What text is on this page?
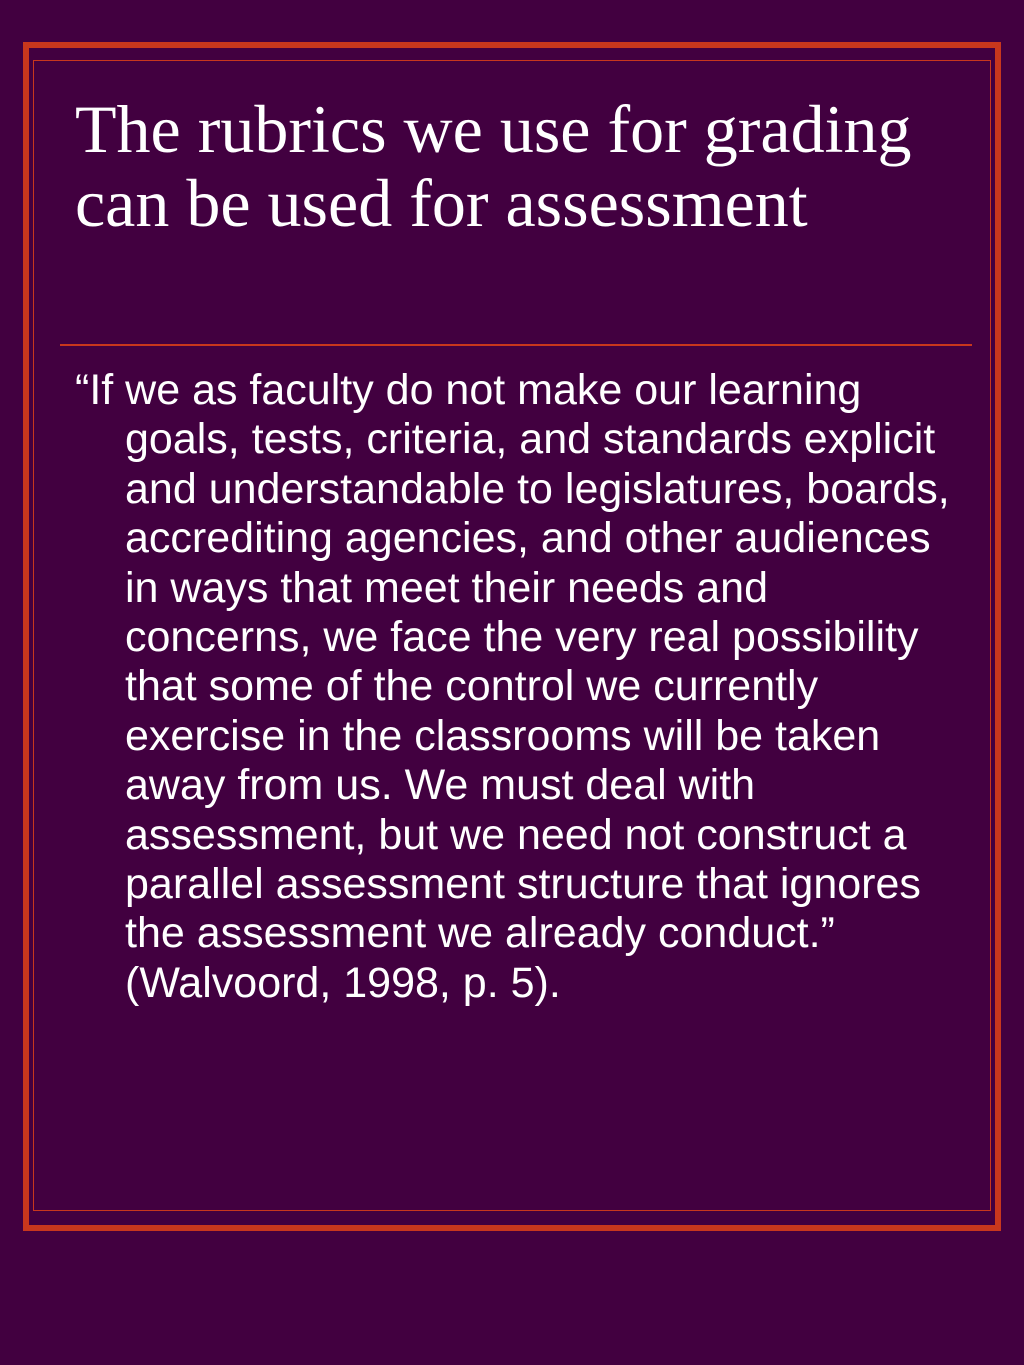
The rubrics we use for grading can be used for assessment

“If we as faculty do not make our learning goals, tests, criteria, and standards explicit and understandable to legislatures, boards, accrediting agencies, and other audiences in ways that meet their needs and concerns, we face the very real possibility that some of the control we currently exercise in the classrooms will be taken away from us. We must deal with assessment, but we need not construct a parallel assessment structure that ignores the assessment we already conduct.” (Walvoord, 1998, p. 5).
